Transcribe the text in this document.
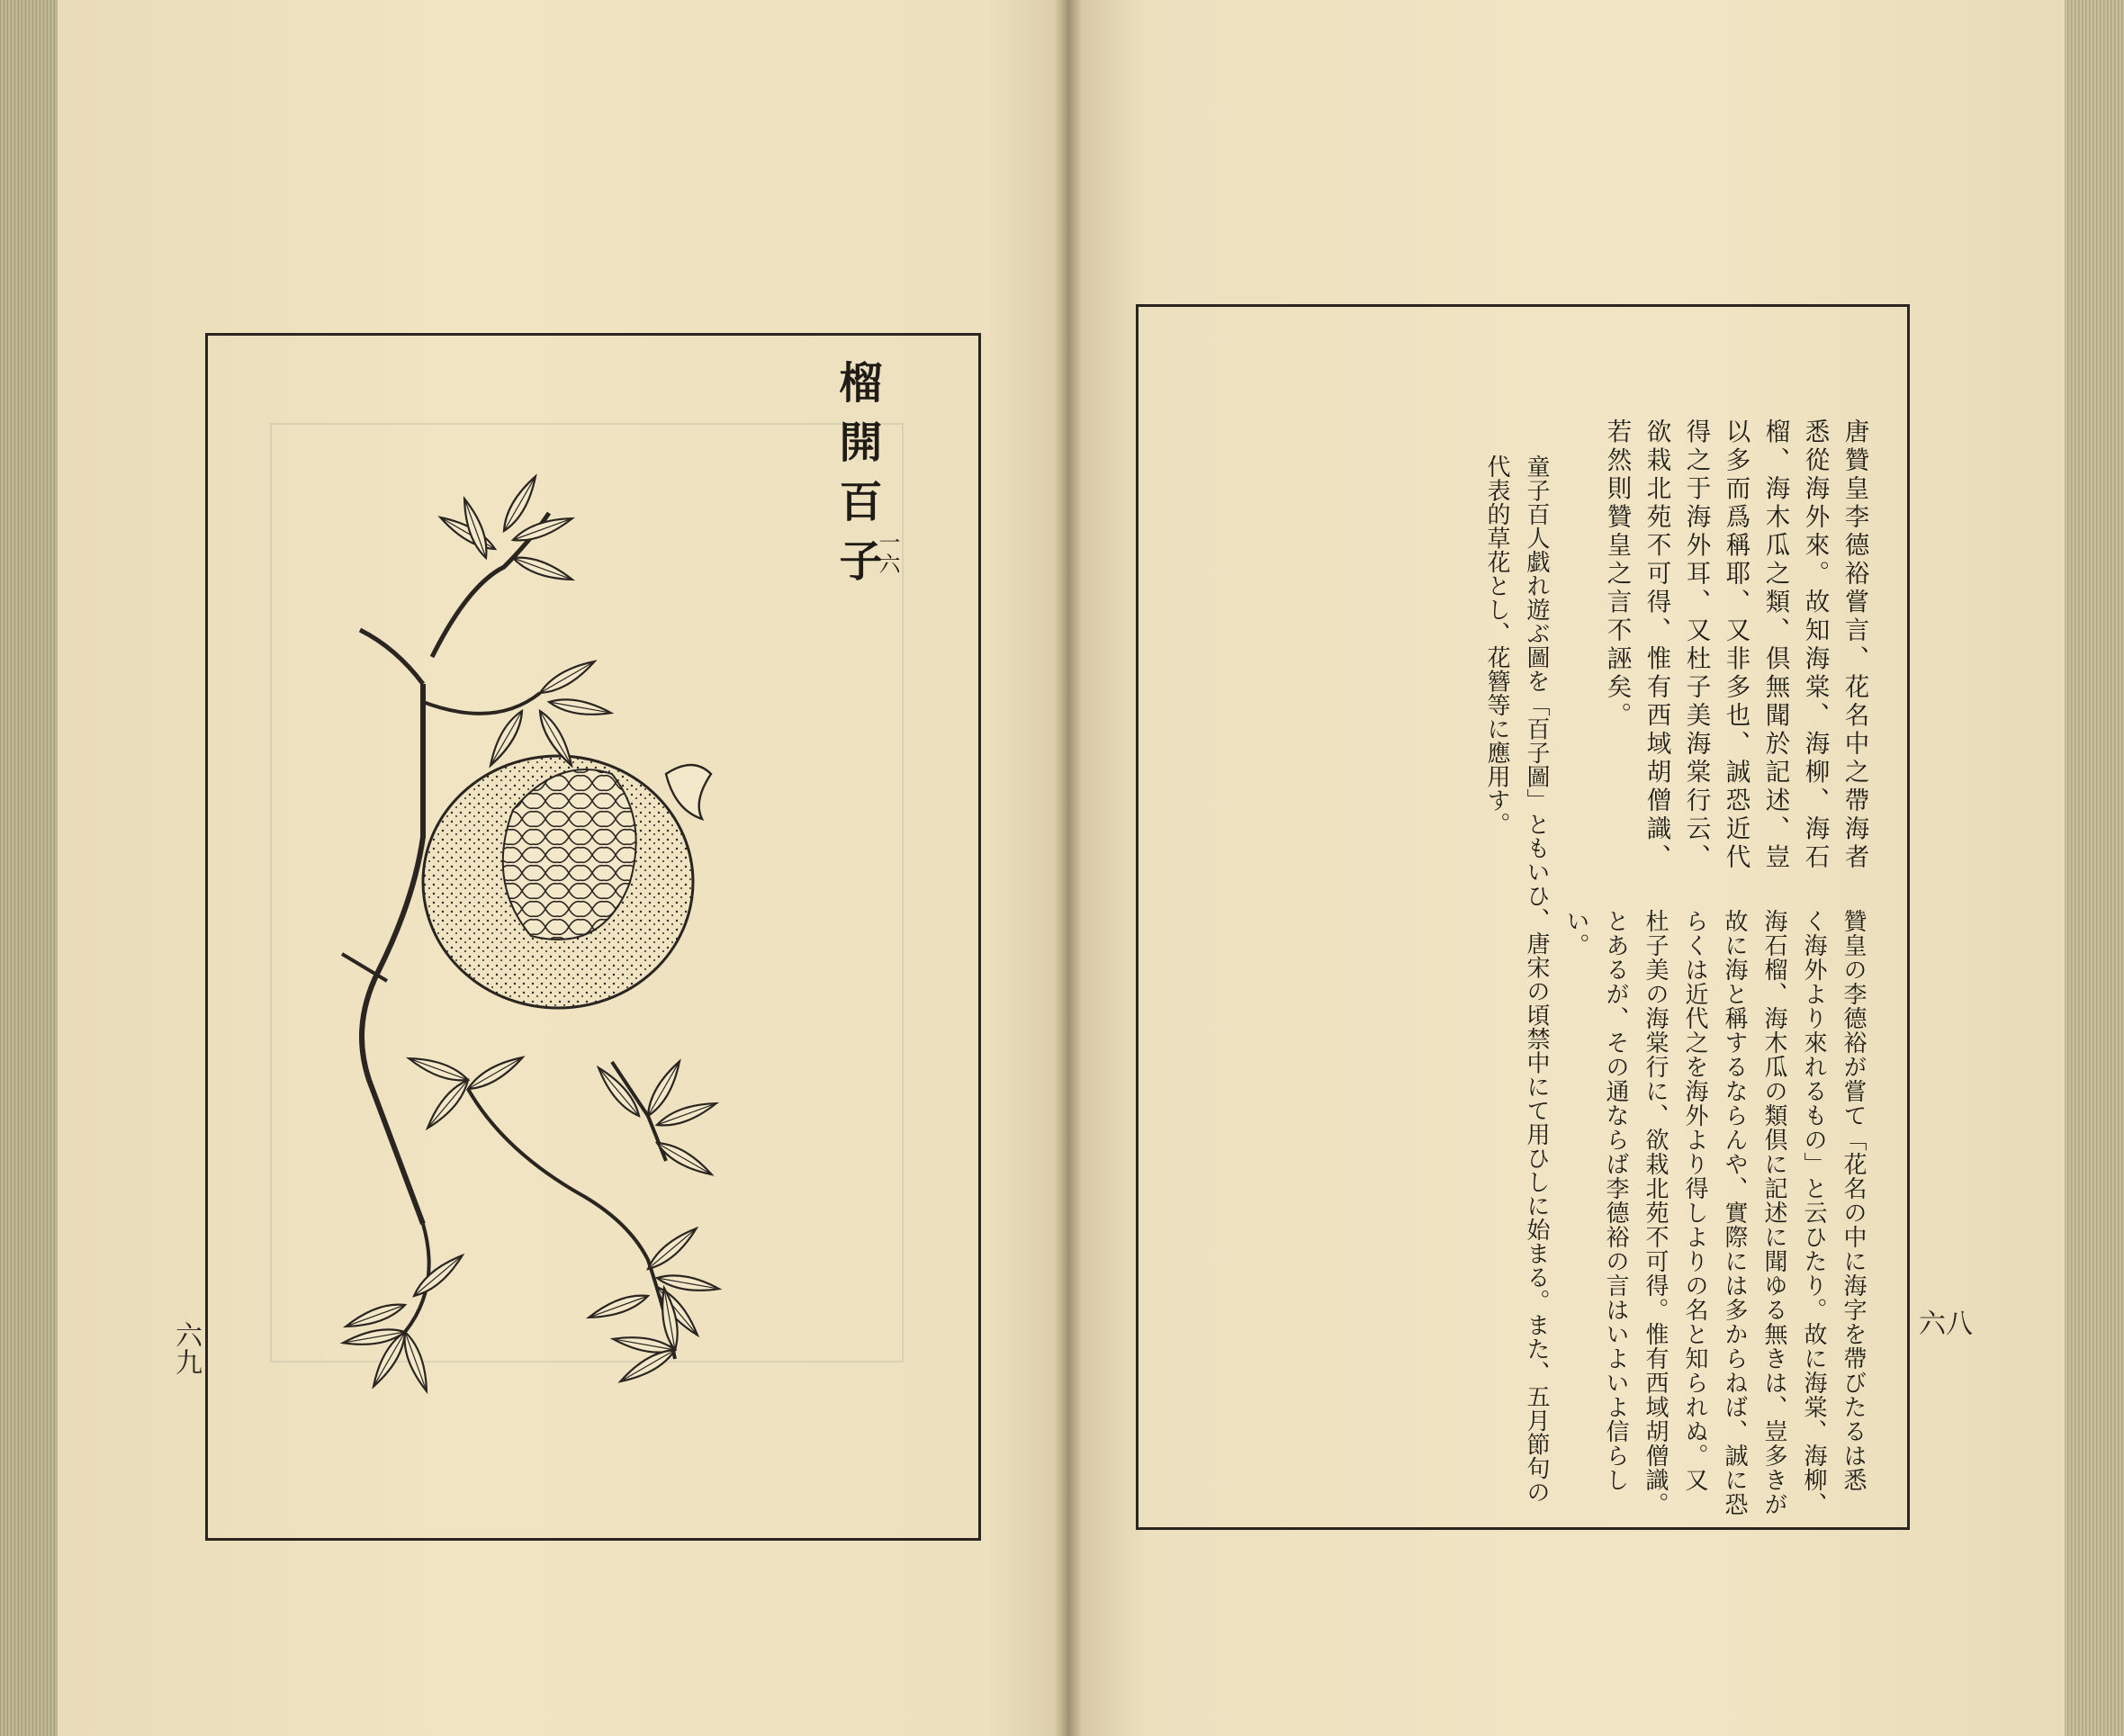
榴開百子
一六
六九
唐贊皇李德裕嘗言、花名中之帶海者
悉從海外來。故知海棠、海柳、海石
榴、海木瓜之類、倶無聞於記述、豈
以多而爲稱耶、又非多也、誠恐近代
得之于海外耳、又杜子美海棠行云、
欲栽北苑不可得、惟有西域胡僧識、
若然則贊皇之言不誣矣。
贊皇の李德裕が嘗て「花名の中に海字を帶びたるは悉
く海外より來れるもの」と云ひたり。故に海棠、海柳、
海石榴、海木瓜の類倶に記述に聞ゆる無きは、豈多きが
故に海と稱するならんや、實際には多からねば、誠に恐
らくは近代之を海外より得しよりの名と知られぬ。又
杜子美の海棠行に、欲栽北苑不可得。惟有西域胡僧識。
とあるが、その通ならば李德裕の言はいよいよ信らし
い。
童子百人戯れ遊ぶ圖を「百子圖」ともいひ、唐宋の頃禁中にて用ひしに始まる。また、五月節句の
代表的草花とし、花簪等に應用す。
六八
